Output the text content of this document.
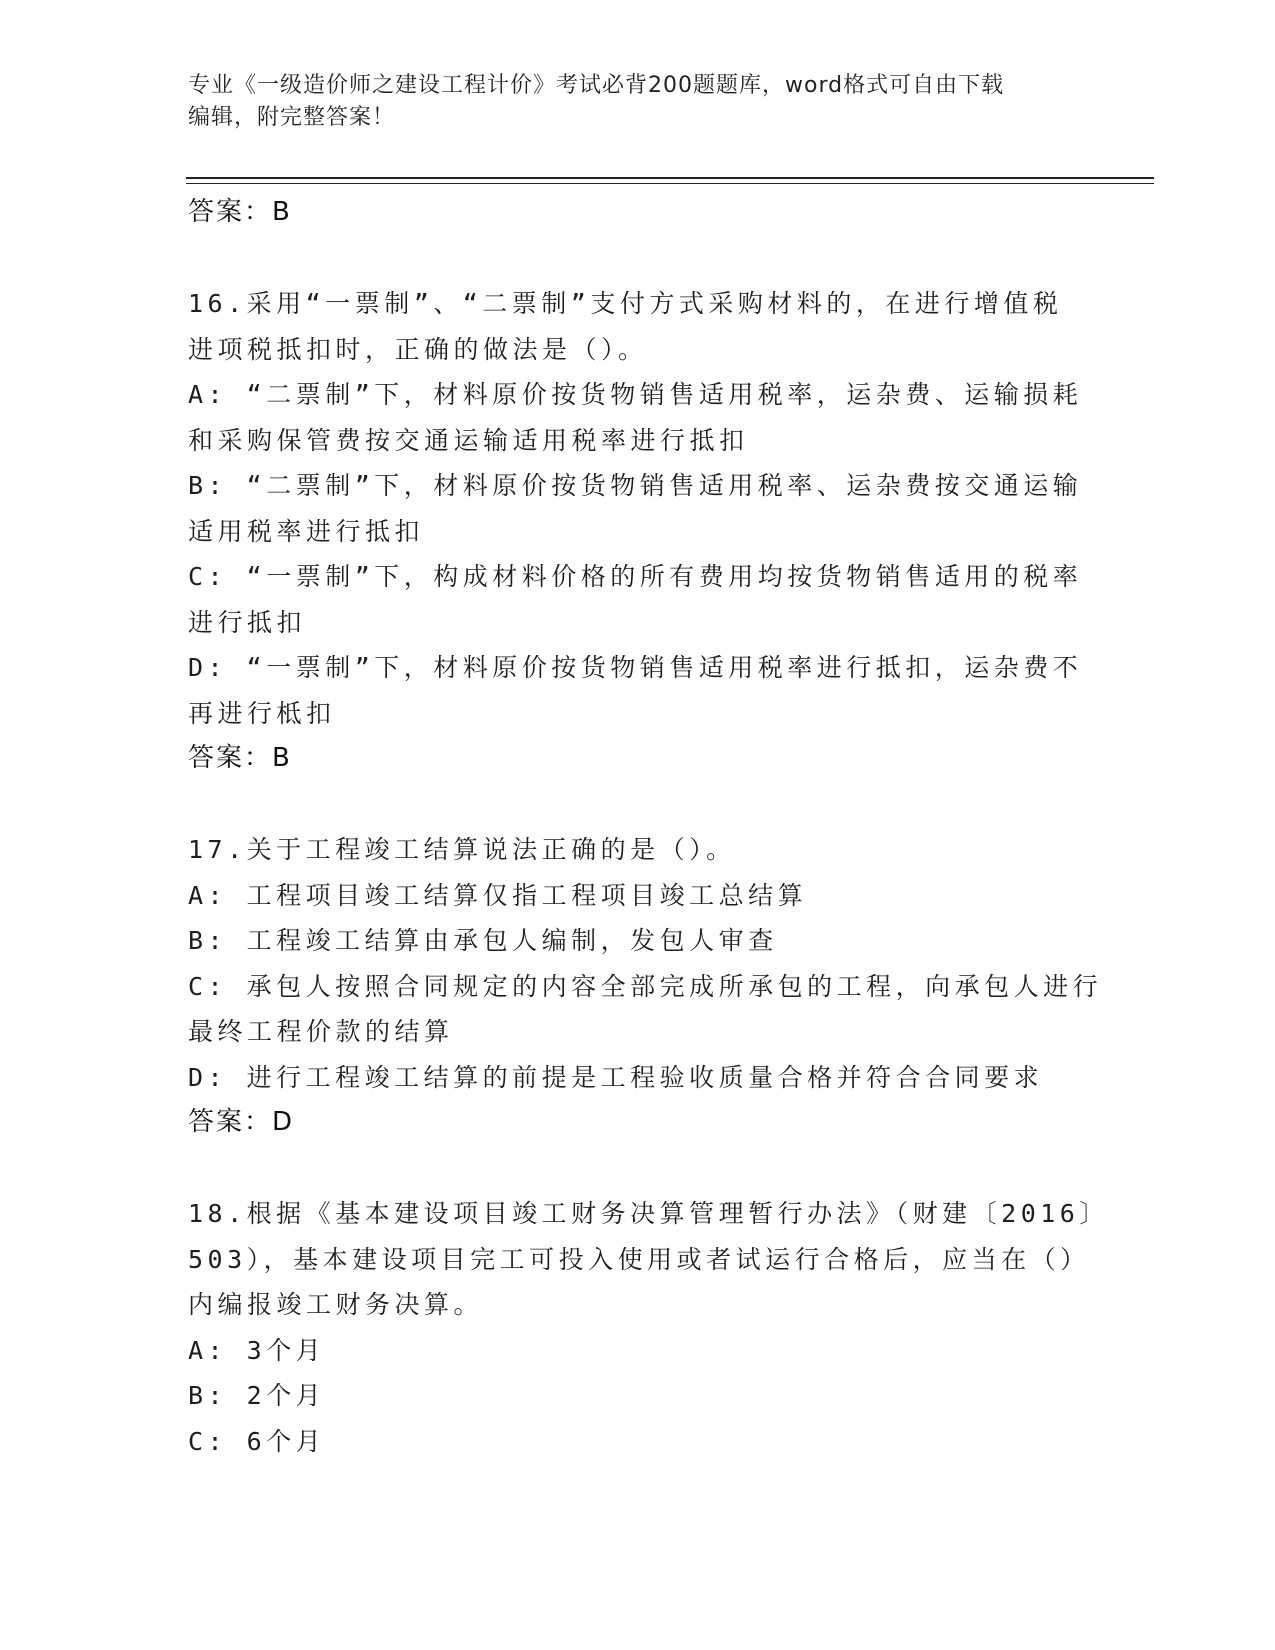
专业《一级造价师之建设工程计价》考试必背200题题库，word格式可自由下载
编辑，附完整答案！
答案：B
16.采用“一票制”、“二票制”支付方式采购材料的，在进行增值税
进项税抵扣时，正确的做法是（）。
A: “二票制”下，材料原价按货物销售适用税率，运杂费、运输损耗
和采购保管费按交通运输适用税率进行抵扣
B: “二票制”下，材料原价按货物销售适用税率、运杂费按交通运输
适用税率进行抵扣
C: “一票制”下，构成材料价格的所有费用均按货物销售适用的税率
进行抵扣
D: “一票制”下，材料原价按货物销售适用税率进行抵扣，运杂费不
再进行柢扣
答案：B
17.关于工程竣工结算说法正确的是（）。
A: 工程项目竣工结算仅指工程项目竣工总结算
B: 工程竣工结算由承包人编制，发包人审查
C: 承包人按照合同规定的内容全部完成所承包的工程，向承包人进行
最终工程价款的结算
D: 进行工程竣工结算的前提是工程验收质量合格并符合合同要求
答案：D
18.根据《基本建设项目竣工财务决算管理暂行办法》（财建〔2016〕
503），基本建设项目完工可投入使用或者试运行合格后，应当在（）
内编报竣工财务决算。
A: 3个月
B: 2个月
C: 6个月
